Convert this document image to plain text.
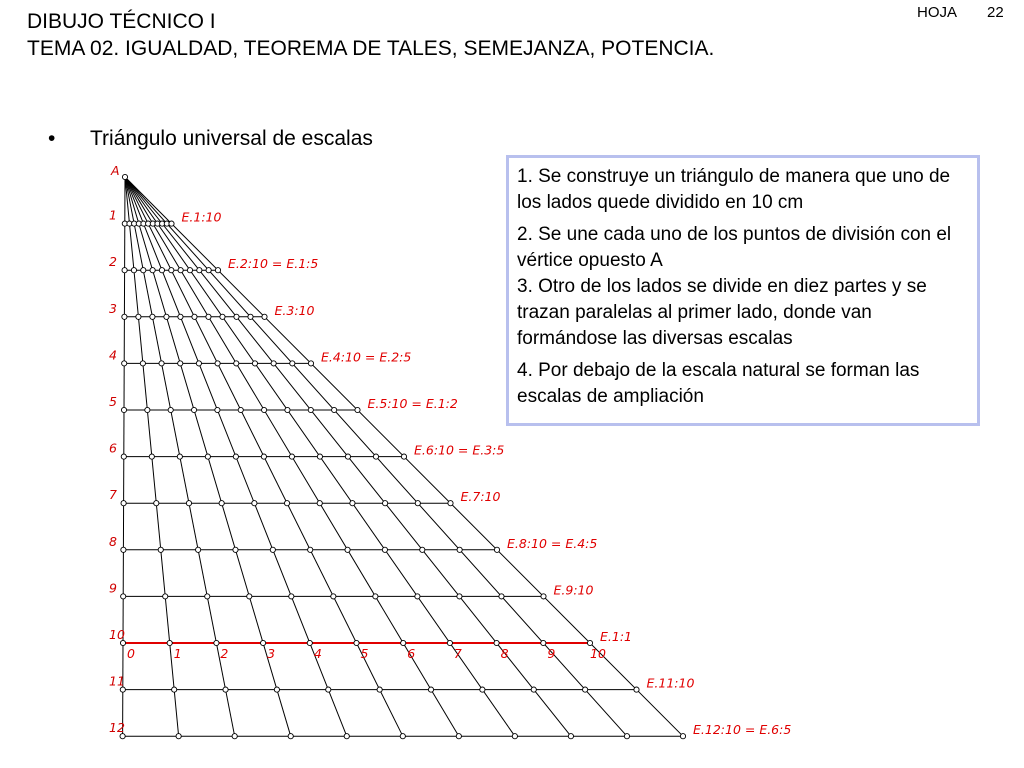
DIBUJO TÉCNICO I
TEMA 02. IGUALDAD, TEOREMA DE TALES, SEMEJANZA, POTENCIA.
HOJA 22
• Triángulo universal de escalas
1. Se construye un triángulo de manera que uno de los lados quede dividido en 10 cm
2. Se une cada uno de los puntos de división con el vértice opuesto A
3. Otro de los lados se divide en diez partes y se trazan paralelas al primer lado, donde van formándose las diversas escalas
4. Por debajo de la escala natural se forman las escalas de ampliación
A
1	E.1:10
2	E.2:10 = E.1:5
3	E.3:10
4	E.4:10 = E.2:5
5	E.5:10 = E.1:2
6	E.6:10 = E.3:5
7	E.7:10
8	E.8:10 = E.4:5
9	E.9:10
10	E.1:1
11	E.11:10
12	E.12:10 = E.6:5
0	1	2	3	4	5	6	7	8	9	10
